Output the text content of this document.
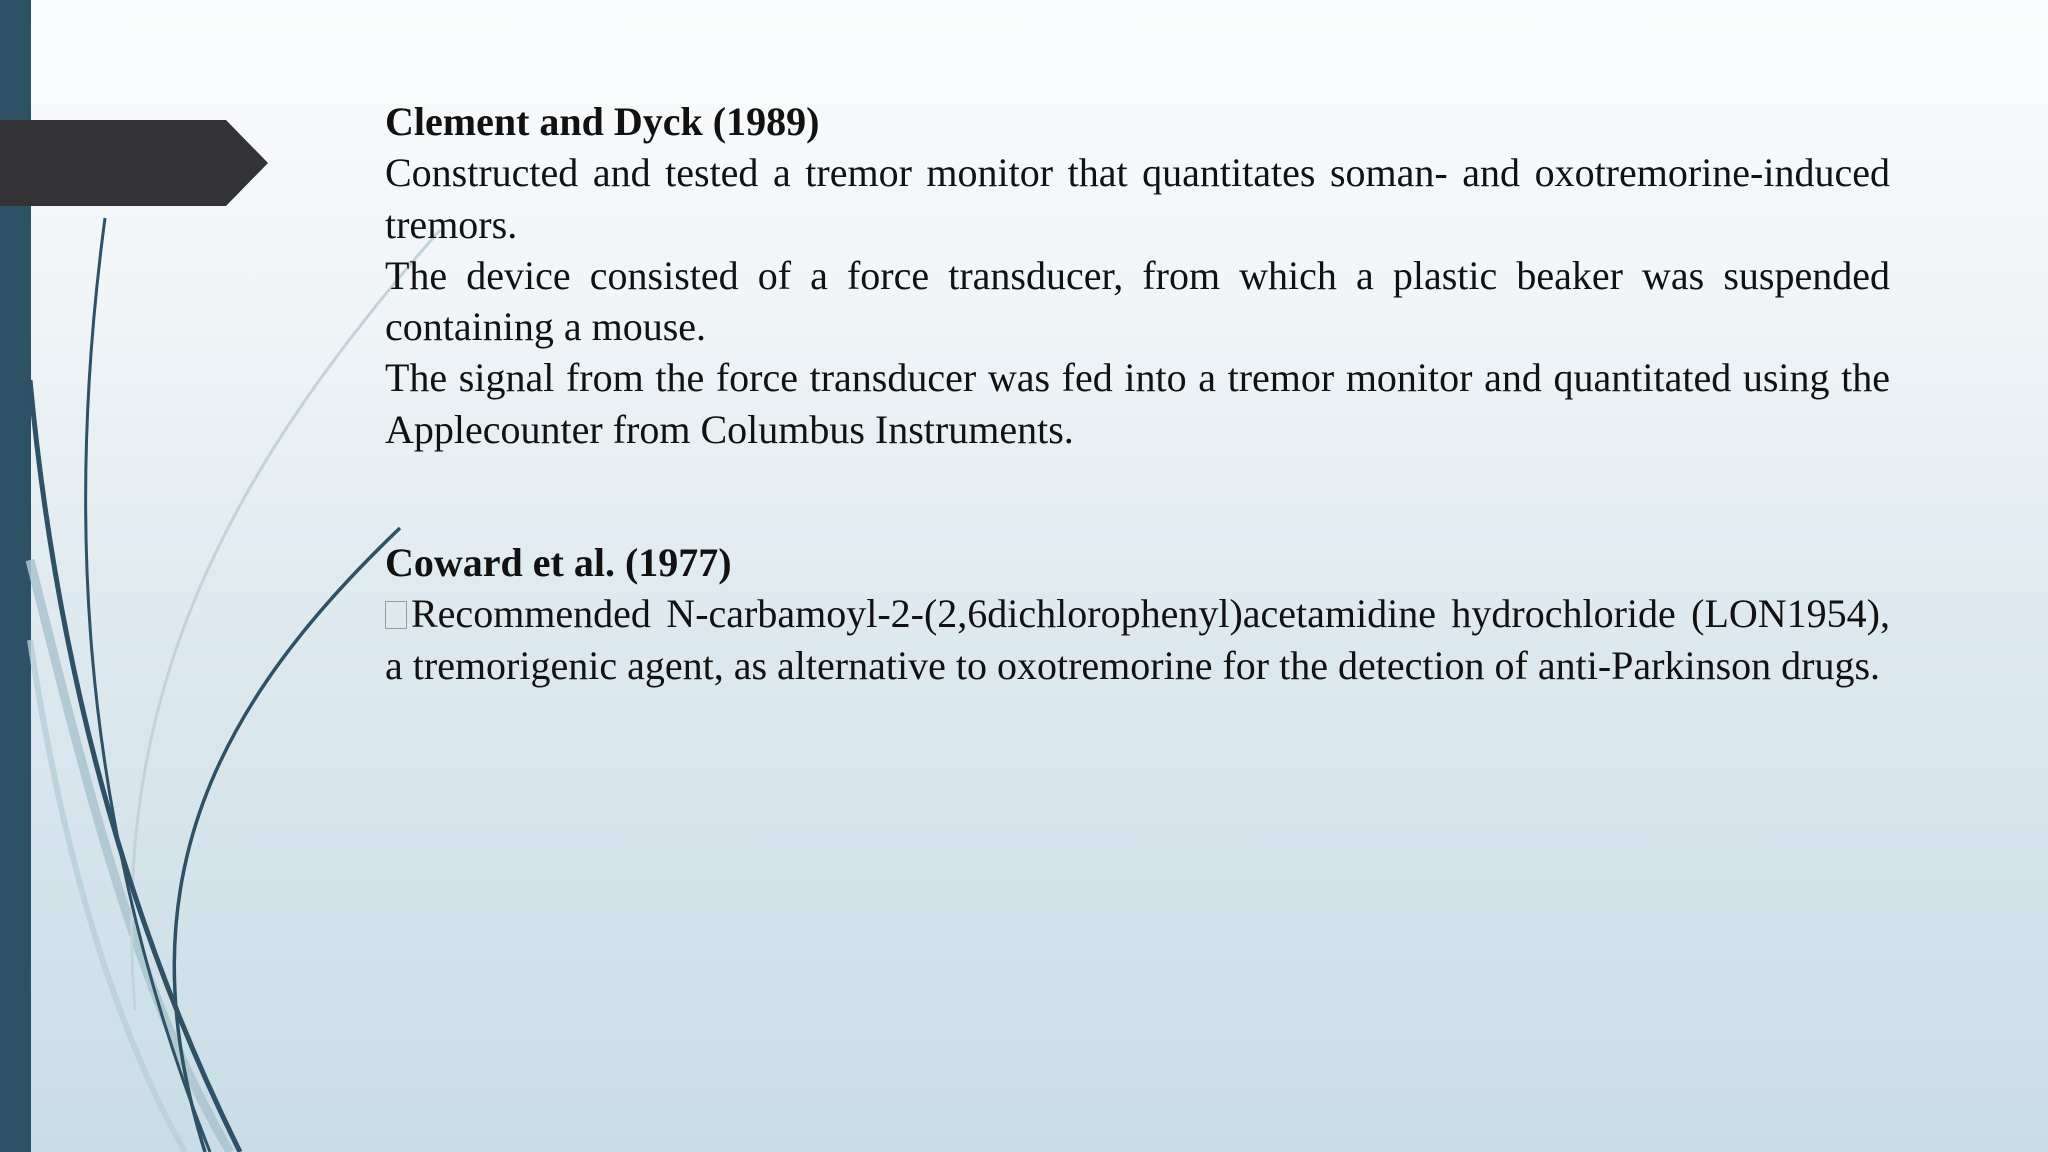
Clement and Dyck (1989)

Constructed and tested a tremor monitor that quantitates soman- and oxotremorine-induced tremors.

The device consisted of a force transducer, from which a plastic beaker was suspended containing a mouse.

The signal from the force transducer was fed into a tremor monitor and quantitated using the Applecounter from Columbus Instruments.

Coward et al. (1977)

Recommended N-carbamoyl-2-(2,6dichlorophenyl)acetamidine hydrochloride (LON1954), a tremorigenic agent, as alternative to oxotremorine for the detection of anti-Parkinson drugs.
